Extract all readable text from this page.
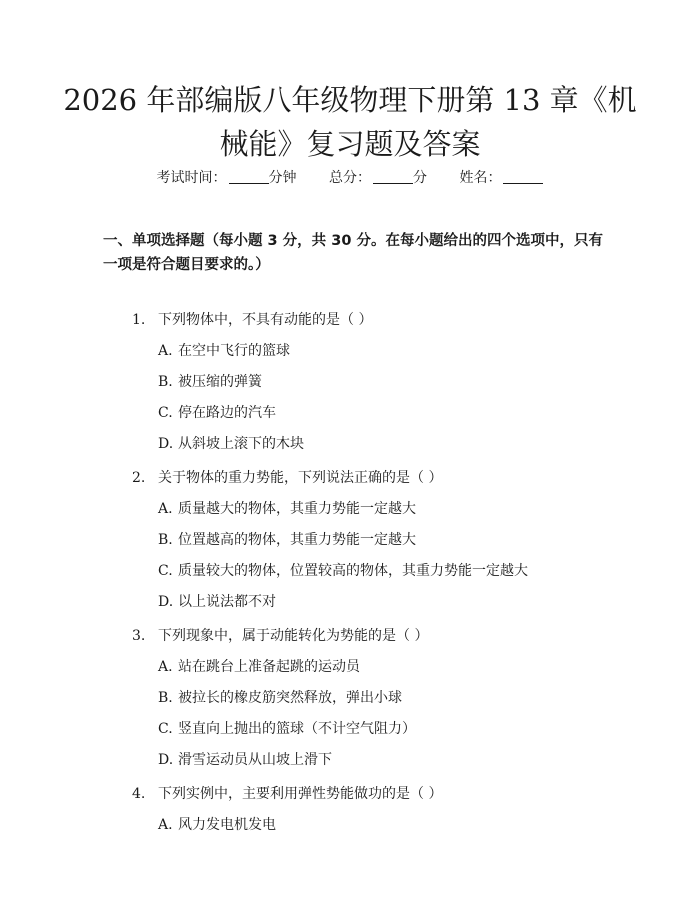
2026 年部编版八年级物理下册第 13 章《机
械能》复习题及答案
考试时间：	分钟 总分：	分 姓名：
一、单项选择题（每小题 3 分，共 30 分。在每小题给出的四个选项中，只有一项是符合题目要求的。）
1. 下列物体中，不具有动能的是（ ）
A. 在空中飞行的篮球
B. 被压缩的弹簧
C. 停在路边的汽车
D. 从斜坡上滚下的木块
2. 关于物体的重力势能，下列说法正确的是（ ）
A. 质量越大的物体，其重力势能一定越大
B. 位置越高的物体，其重力势能一定越大
C. 质量较大的物体，位置较高的物体，其重力势能一定越大
D. 以上说法都不对
3. 下列现象中，属于动能转化为势能的是（ ）
A. 站在跳台上准备起跳的运动员
B. 被拉长的橡皮筋突然释放，弹出小球
C. 竖直向上抛出的篮球（不计空气阻力）
D. 滑雪运动员从山坡上滑下
4. 下列实例中，主要利用弹性势能做功的是（ ）
A. 风力发电机发电
